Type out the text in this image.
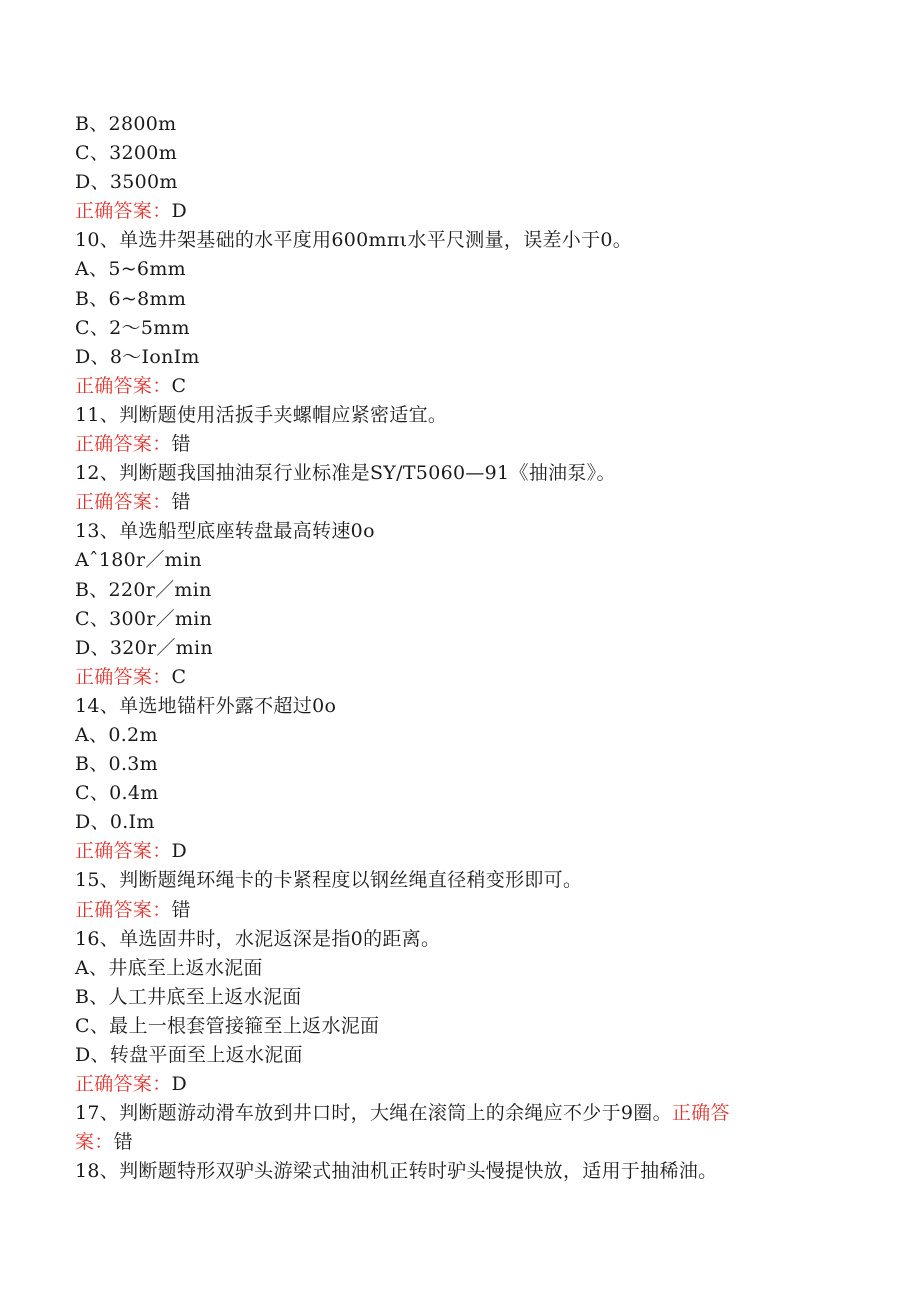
B、2800m
C、3200m
D、3500m
正确答案：D
10、单选井架基础的水平度用600mπι水平尺测量，误差小于0。
A、5~6mm
B、6~8mm
C、2～5mm
D、8～IonIm
正确答案：C
11、判断题使用活扳手夹螺帽应紧密适宜。
正确答案：错
12、判断题我国抽油泵行业标准是SY/T5060—91《抽油泵》。
正确答案：错
13、单选船型底座转盘最高转速0o
Aˆ180r／min
B、220r／min
C、300r／min
D、320r／min
正确答案：C
14、单选地锚杆外露不超过0o
A、0.2m
B、0.3m
C、0.4m
D、0.Im
正确答案：D
15、判断题绳环绳卡的卡紧程度以钢丝绳直径稍变形即可。
正确答案：错
16、单选固井时，水泥返深是指0的距离。
A、井底至上返水泥面
B、人工井底至上返水泥面
C、最上一根套管接箍至上返水泥面
D、转盘平面至上返水泥面
正确答案：D
17、判断题游动滑车放到井口时，大绳在滚筒上的余绳应不少于9圈。正确答
案：错
18、判断题特形双驴头游梁式抽油机正转时驴头慢提快放，适用于抽稀油。
